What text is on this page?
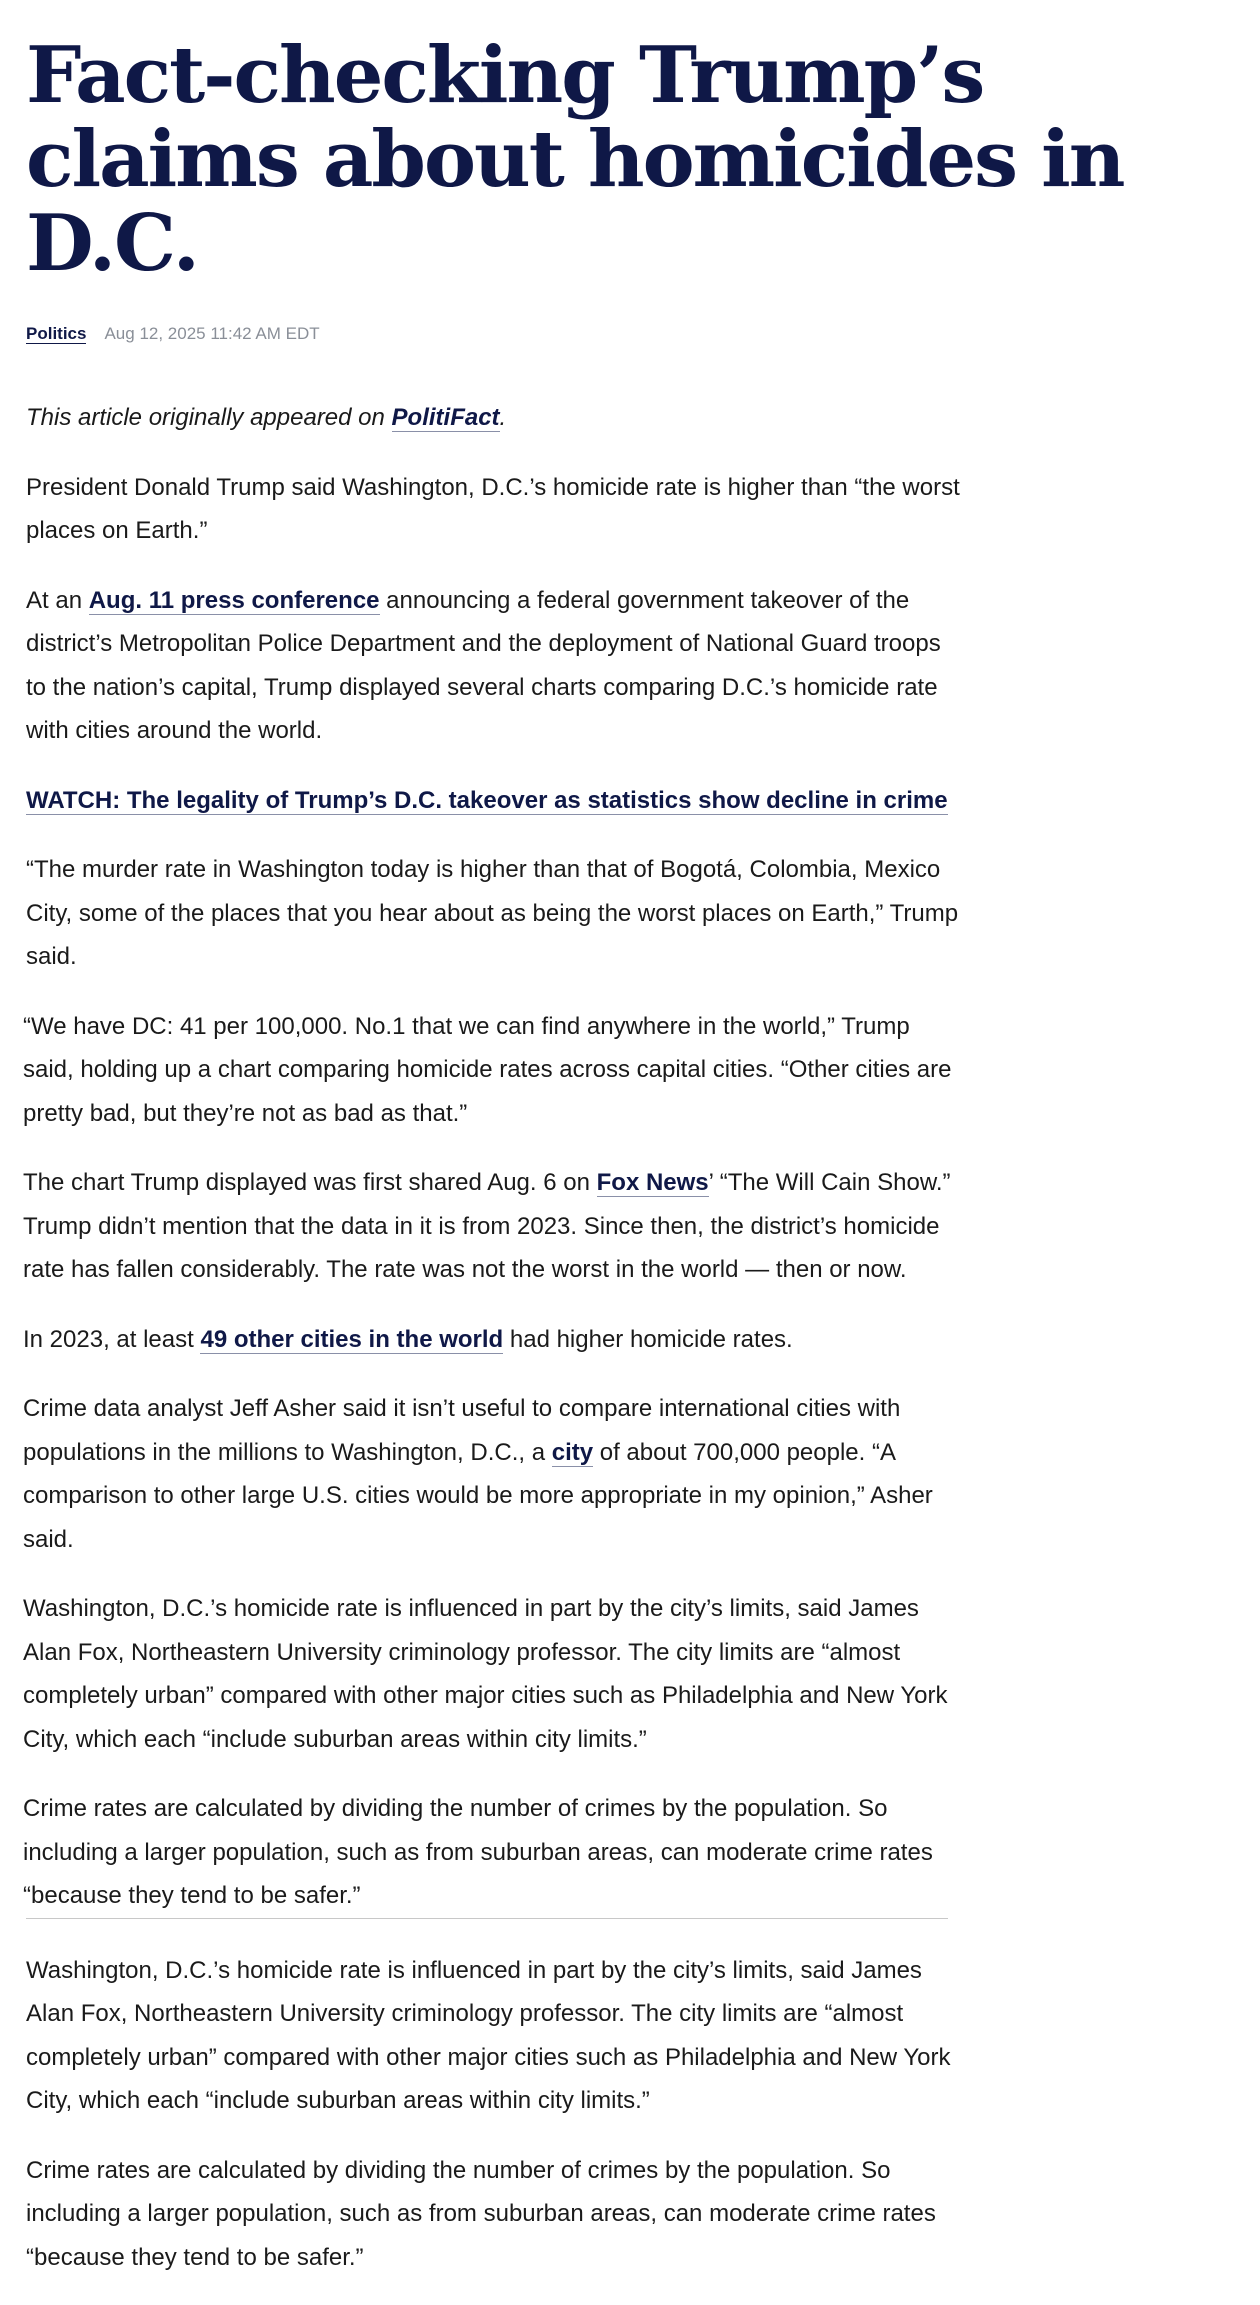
Fact-checking Trump’s claims about homicides in D.C.
Politics Aug 12, 2025 11:42 AM EDT

This article originally appeared on PolitiFact.

President Donald Trump said Washington, D.C.’s homicide rate is higher than “the worst places on Earth.”

At an Aug. 11 press conference announcing a federal government takeover of the district’s Metropolitan Police Department and the deployment of National Guard troops to the nation’s capital, Trump displayed several charts comparing D.C.’s homicide rate with cities around the world.

WATCH: The legality of Trump’s D.C. takeover as statistics show decline in crime

“The murder rate in Washington today is higher than that of Bogotá, Colombia, Mexico City, some of the places that you hear about as being the worst places on Earth,” Trump said.

“We have DC: 41 per 100,000. No.1 that we can find anywhere in the world,” Trump said, holding up a chart comparing homicide rates across capital cities. “Other cities are pretty bad, but they’re not as bad as that.”

The chart Trump displayed was first shared Aug. 6 on Fox News’ “The Will Cain Show.” Trump didn’t mention that the data in it is from 2023. Since then, the district’s homicide rate has fallen considerably. The rate was not the worst in the world — then or now.

In 2023, at least 49 other cities in the world had higher homicide rates.

Crime data analyst Jeff Asher said it isn’t useful to compare international cities with populations in the millions to Washington, D.C., a city of about 700,000 people. “A comparison to other large U.S. cities would be more appropriate in my opinion,” Asher said.

Washington, D.C.’s homicide rate is influenced in part by the city’s limits, said James Alan Fox, Northeastern University criminology professor. The city limits are “almost completely urban” compared with other major cities such as Philadelphia and New York City, which each “include suburban areas within city limits.”

Crime rates are calculated by dividing the number of crimes by the population. So including a larger population, such as from suburban areas, can moderate crime rates “because they tend to be safer.”

Washington, D.C.’s homicide rate is influenced in part by the city’s limits, said James Alan Fox, Northeastern University criminology professor. The city limits are “almost completely urban” compared with other major cities such as Philadelphia and New York City, which each “include suburban areas within city limits.”

Crime rates are calculated by dividing the number of crimes by the population. So including a larger population, such as from suburban areas, can moderate crime rates “because they tend to be safer.”
